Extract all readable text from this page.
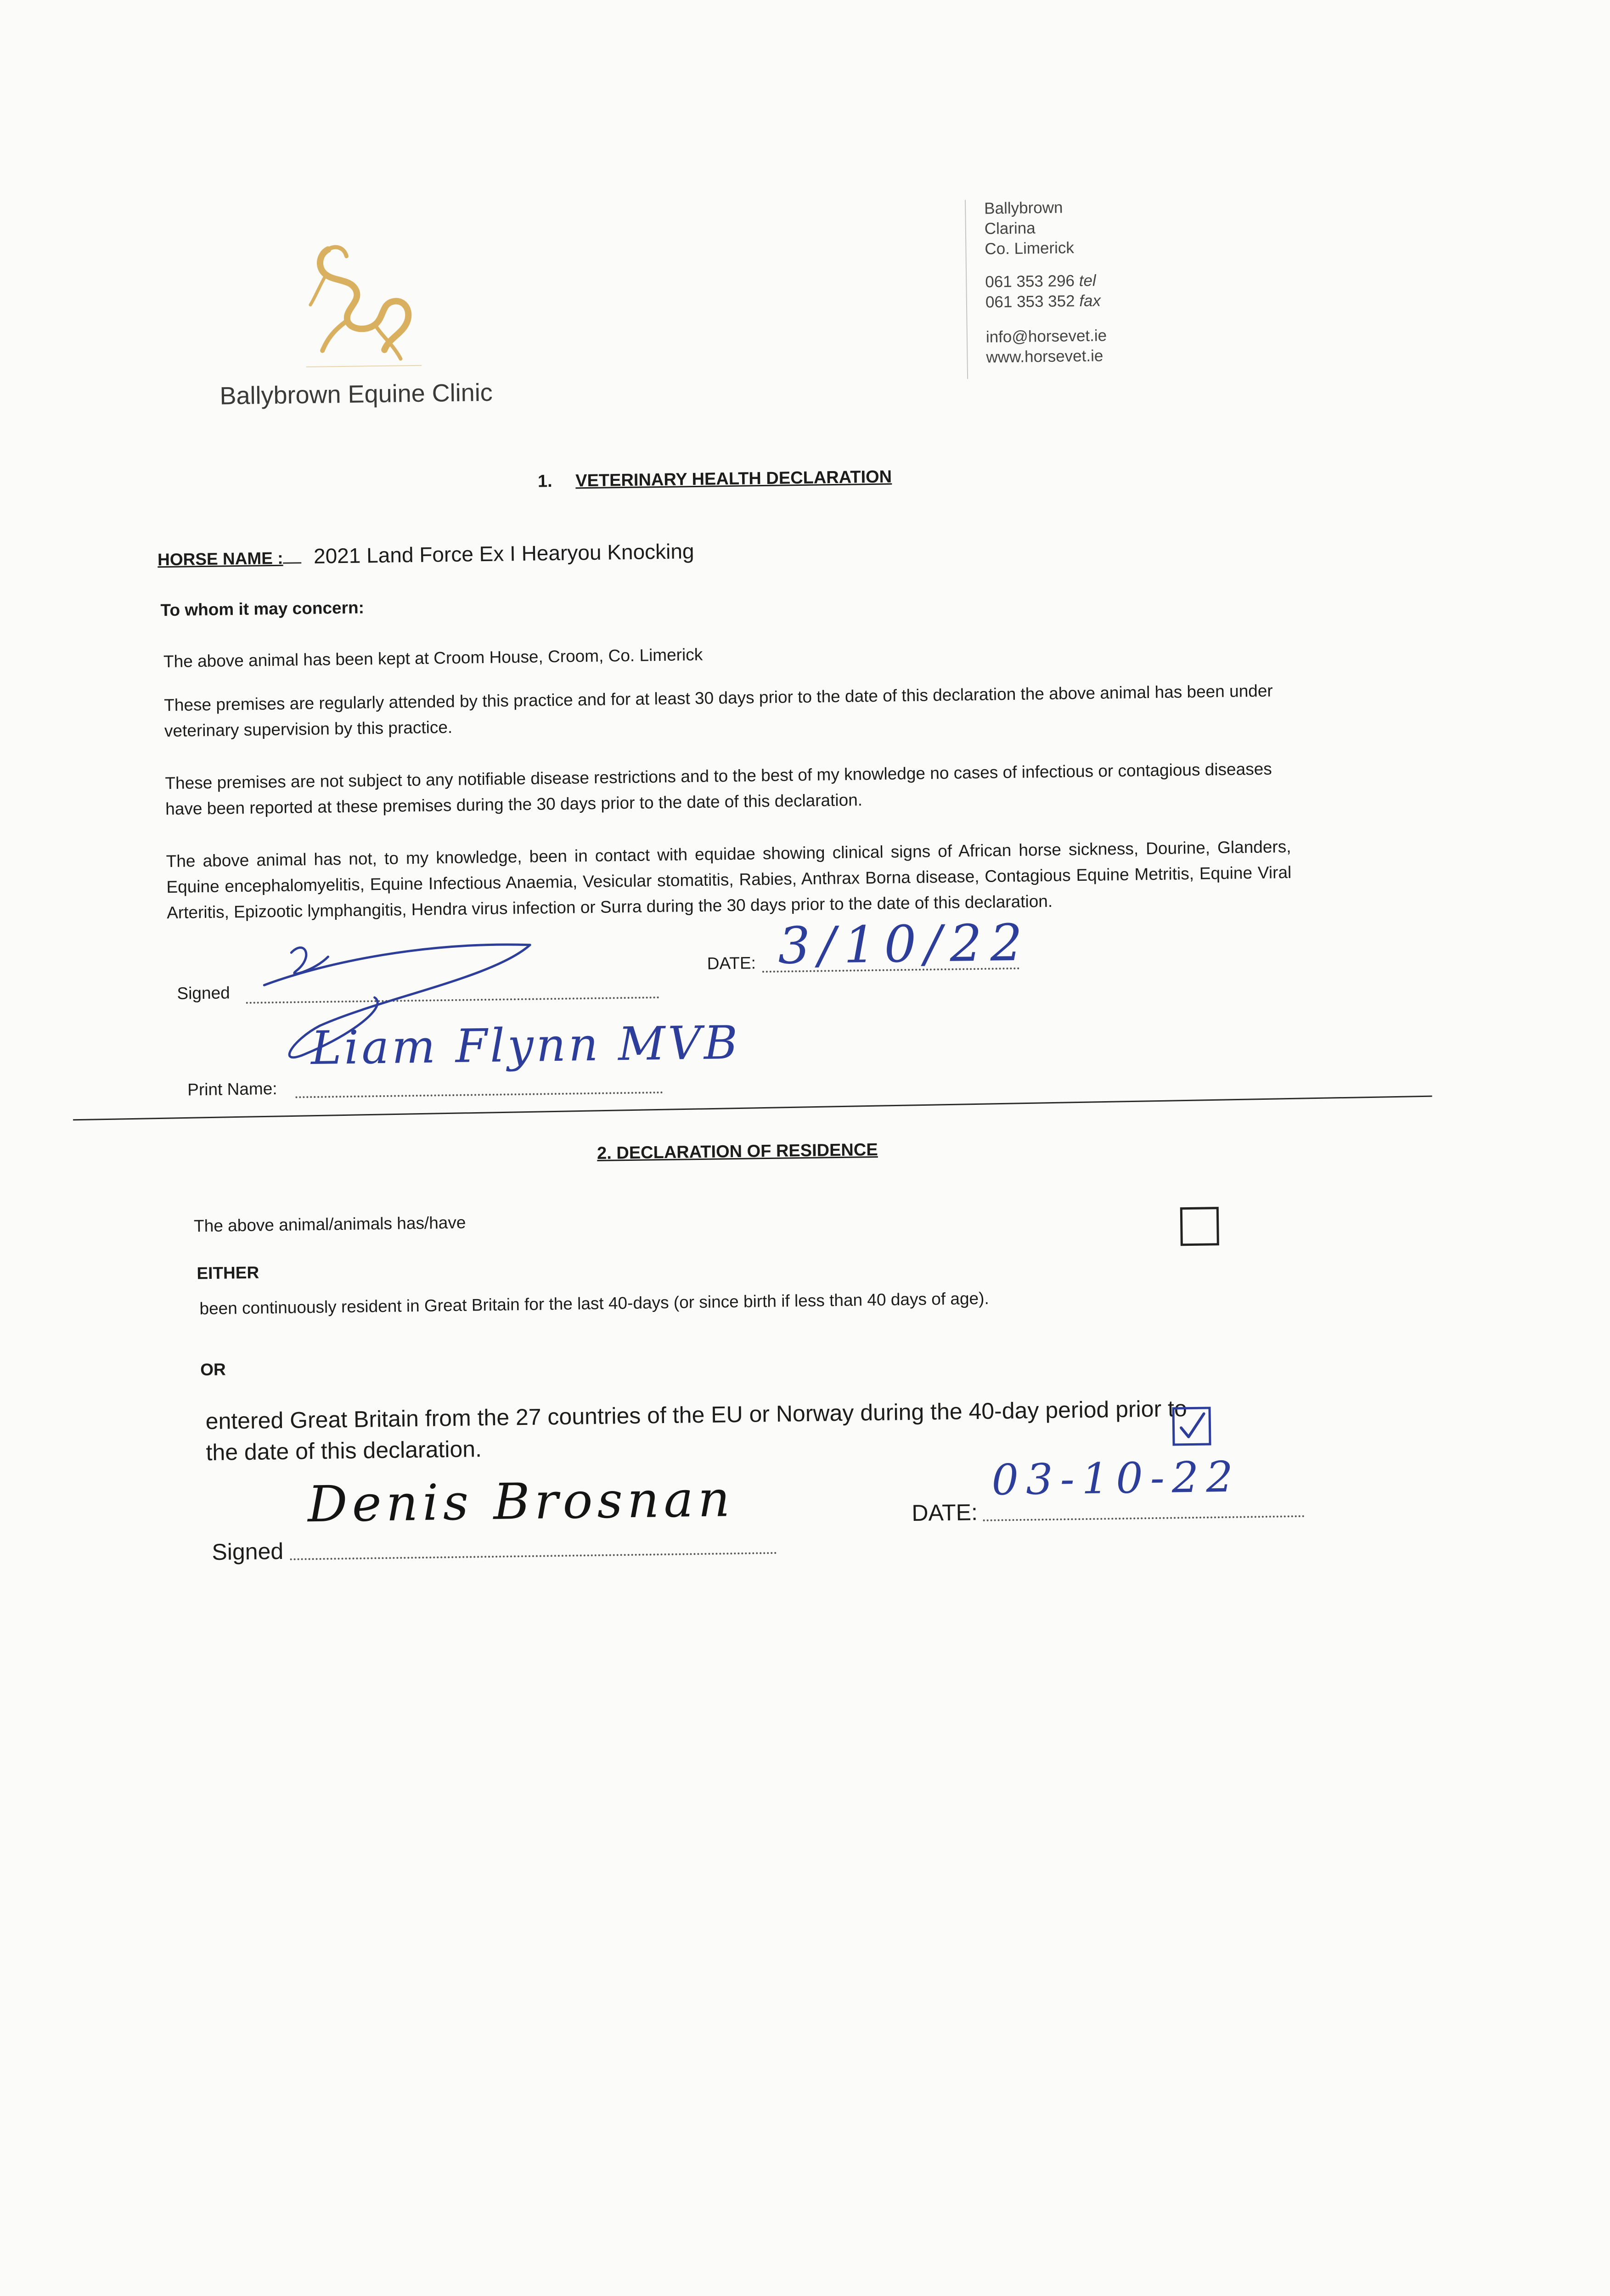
Ballybrown Equine Clinic
Ballybrown
Clarina
Co. Limerick
061 353 296 tel
061 353 352 fax
info@horsevet.ie
www.horsevet.ie
1. VETERINARY HEALTH DECLARATION
HORSE NAME :	2021 Land Force Ex I Hearyou Knocking
To whom it may concern:
The above animal has been kept at Croom House, Croom, Co. Limerick
These premises are regularly attended by this practice and for at least 30 days prior to the date of this declaration the above animal has been under veterinary supervision by this practice.
These premises are not subject to any notifiable disease restrictions and to the best of my knowledge no cases of infectious or contagious diseases have been reported at these premises during the 30 days prior to the date of this declaration.
The above animal has not, to my knowledge, been in contact with equidae showing clinical signs of African horse sickness, Dourine, Glanders, Equine encephalomyelitis, Equine Infectious Anaemia, Vesicular stomatitis, Rabies, Anthrax Borna disease, Contagious Equine Metritis, Equine Viral Arteritis, Epizootic lymphangitis, Hendra virus infection or Surra during the 30 days prior to the date of this declaration.
Signed
DATE: 3/10/22
Print Name:
Liam Flynn MVB
2. DECLARATION OF RESIDENCE
The above animal/animals has/have
EITHER
been continuously resident in Great Britain for the last 40-days (or since birth if less than 40 days of age).
OR
entered Great Britain from the 27 countries of the EU or Norway during the 40-day period prior to
the date of this declaration.
Signed
Denis Brosnan	DATE:
03-10-22
